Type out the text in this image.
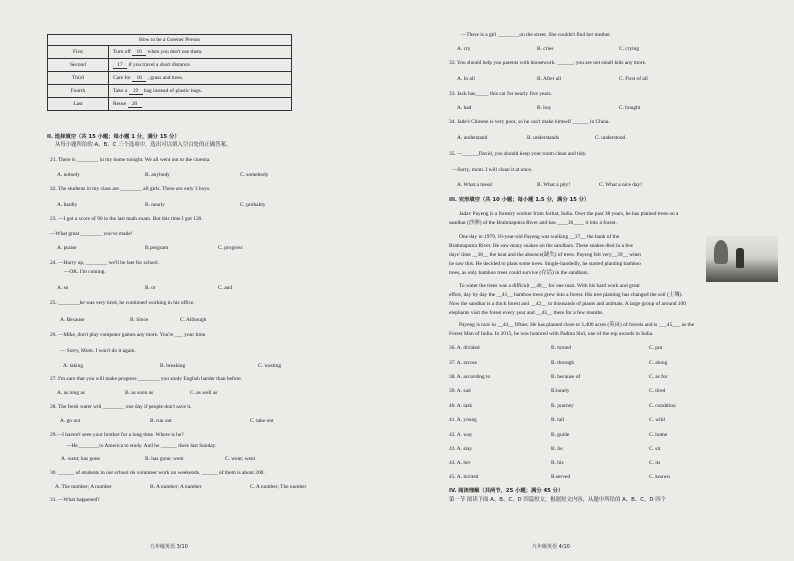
How to be a Greener Person	
First	Turn off 16 when you don't use them.
Second	17 if you travel a short distance.
Third	Care for 18 , grass and trees.
Fourth	Take a 19 bag instead of plastic bags.
Last	Reuse 20
II. 选择填空（共 15 小题；每小题 1 分，满分 15 分）
从每小题所给的 A、B、C 三个选项中，选出可以填入空白处的正确答案。
21. There is ________ in my home tonight. We all went out to the cinema.
A. nobody	B. anybody	C. somebody
22. The students in my class are ________ all girls. There are only 3 boys.
A. hardly	B. nearly	C. probably
23. —I got a score of 90 in the last math exam. But this time I got 120.
—What great ________ you've made!
A. praise	B.program	C. progress
24. —Hurry up, ________ we'll be late for school.
—OK. I'm coming.
A. so	B. or	C. and
25. ________he was very tired, he continued working in his office.
A. Because	B. Since	C. Although
26. —Mike, don't play computer games any more. You're ___ your time.
— Sorry, Mom. I won't do it again.
A. taking	B. breaking	C. wasting
27. I'm sure that you will make progress ________ you study English harder than before.
A. as long as	B. as soon as	C. as well as
28. The fresh water will ________ one day if people don't save it.
A. go out	B. run out	C. take out
29.—I haven't seen your brother for a long time. Where is he?
—He________to America to study. And he ______ there last Sunday.
A. went; has gone	B. has gone; went	C. went; went
30. ______ of students in our school do volunteer work on weekends. ______ of them is about 200.
A. The number; A number	B. A number; A number	C. A number; The number
31. —What happened?
九年级英语 3/10
—There is a girl ________on the street. She couldn't find her mother.
A. cry	B. cries	C. crying
32. You should help you parents with housework. ______, you are not small kids any more.
A. In all	B. After all	C. First of all
33. Jack has_____ this car for nearly five years.
A. had	B. buy	C. bought
34. Jade's Chinese is very poor, so he can't make himself ______ in China.
A. understand	B. understands	C. understood
35. —______David, you should keep your room clean and tidy.
—Sorry, mom. I will clean it at once.
A. What a mess!	B. What a pity!	C. What a nice day!
III. 完形填空（共 10 小题；每小题 1.5 分，满分 15 分）
Jadav Payeng is a forestry worker from Jorhat, India. Over the past 38 years, he has planted trees on a
sandbar (沙洲) of the Brahmaputra River and has ____36____ it into a forest.
One day in 1979, 16-year-old Payeng was walking __37__ the bank of the
Brahmaputra River. He saw many snakes on the sandbars. These snakes died in a few
days' time __38__ the heat and the absence(缺失) of trees. Payeng felt very__39__ when
he saw this. He decided to plant some trees. Single-handedly, he started planting bamboo
trees, as only bamboo trees could survive (存活) in the sandbars.
To water the trees was a difficult __40__ for one man. With his hard work and great
effort, day by day the __41__ bamboo trees grew into a forest. His tree planting has changed the soil (土壤).
Now the sandbar is a thick forest and __42__ to thousands of plants and animals. A large group of around 100
elephants visit the forest every year and __43__ there for a few months.
Payeng is now in __44__ fifties. He has planted close to 1,400 acres (英亩) of forests and is ___45___ as the
Forest Man of India. In 2015, he was honored with Padma Shri, one of the top awards in India.
36. A. divided	B. turned	C. put
37. A. across	B. through	C. along
38. A. according to	B. because of	C. as for
39. A. sad	B.lonely	C. tired
40. A. task	B. journey	C. condition
41. A. young	B. tall	C. wild
42. A. way	B. guide	C. home
43. A. stay	B. lie	C. sit
44. A. her	B. his	C. its
45. A. invited	B.served	C. known
IV. 阅读理解（共两节，25 小题；满分 45 分）
第一节 阅读下面 A、B、C、D 四篇短文，根据短文内容，从题中所给的 A、B、C、D 四个
九年级英语 4/10
